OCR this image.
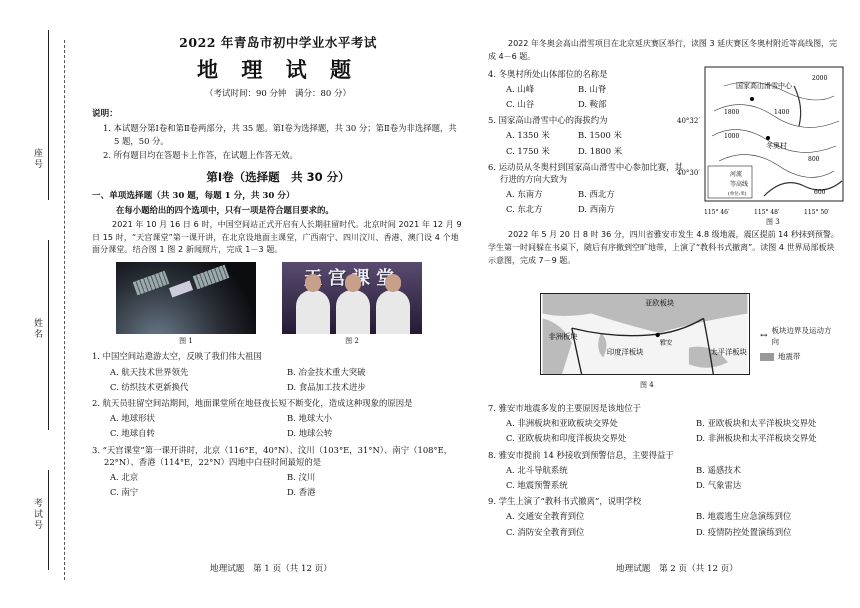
座号
姓名
考试号
2022 年青岛市初中学业水平考试
地 理 试 题
（考试时间：90 分钟　满分：80 分）
说明：
1. 本试题分第Ⅰ卷和第Ⅱ卷两部分，共 35 题。第Ⅰ卷为选择题，共 30 分；第Ⅱ卷为非选择题，共 5 题，50 分。
2. 所有题目均在答题卡上作答，在试题上作答无效。
第Ⅰ卷（选择题　共 30 分）
一、单项选择题（共 30 题，每题 1 分，共 30 分）
在每小题给出的四个选项中，只有一项是符合题目要求的。
2021 年 10 月 16 日 6 时，中国空间站正式开启有人长期驻留时代。北京时间 2021 年 12 月 9 日 15 时，“天宫课堂”第一课开讲，在北京设地面主课堂，广西南宁、四川汶川、香港、澳门设 4 个地面分课堂。结合图 1 图 2 新闻照片，完成 1－3 题。
图 1	图 2
1. 中国空间站遨游太空，反映了我们伟大祖国
A. 航天技术世界领先	B. 冶金技术重大突破
C. 纺织技术更新换代	D. 食品加工技术进步
2. 航天员驻留空间站期间，地面课堂所在地昼夜长短不断变化，造成这种现象的原因是
A. 地球形状	B. 地球大小
C. 地球自转	D. 地球公转
3. “天宫课堂”第一课开讲时，北京（116°E，40°N）、汶川（103°E，31°N）、南宁（108°E，22°N）、香港（114°E，22°N）四地中白昼时间最短的是
A. 北京	B. 汶川
C. 南宁	D. 香港
地理试题　第 1 页（共 12 页）
2022 年冬奥会高山滑雪项目在北京延庆赛区举行，读图 3 延庆赛区冬奥村附近等高线图，完成 4－6 题。
4. 冬奥村所处山体部位的名称是
A. 山峰	B. 山脊
C. 山谷	D. 鞍部
5. 国家高山滑雪中心的海拔约为
A. 1350 米	B. 1500 米
C. 1750 米	D. 1800 米
6. 运动员从冬奥村到国家高山滑雪中心参加比赛，其行进的方向大致为
A. 东南方	B. 西北方
C. 东北方	D. 西南方
2022 年 5 月 20 日 8 时 36 分，四川省雅安市发生 4.8 级地震，震区提前 14 秒抹到预警。学生第一时间躲在书桌下，随后有序撤到空旷地带，上演了“教科书式撤离”。读图 4 世界局部板块示意图，完成 7－9 题。
国家高山滑雪中心
冬奥村
2000
1800	1400
1000
800
600
河流
等高线
(单位:米)
115° 46′	115° 48′	115° 50′
40°32′
40°30′
图 3
亚欧板块
非洲板块
印度洋板块	太平洋板块
雅安
图 4
↔
板块边界及运动方向
地震带
7. 雅安市地震多发的主要原因是该地位于
A. 非洲板块和亚欧板块交界处	B. 亚欧板块和太平洋板块交界处
C. 亚欧板块和印度洋板块交界处	D. 非洲板块和太平洋板块交界处
8. 雅安市提前 14 秒接收到预警信息，主要得益于
A. 北斗导航系统	B. 遥感技术
C. 地震预警系统	D. 气象雷达
9. 学生上演了“教科书式撤离”，说明学校
A. 交通安全教育到位	B. 地震逃生应急演练到位
C. 消防安全教育到位	D. 疫情防控处置演练到位
地理试题　第 2 页（共 12 页）
